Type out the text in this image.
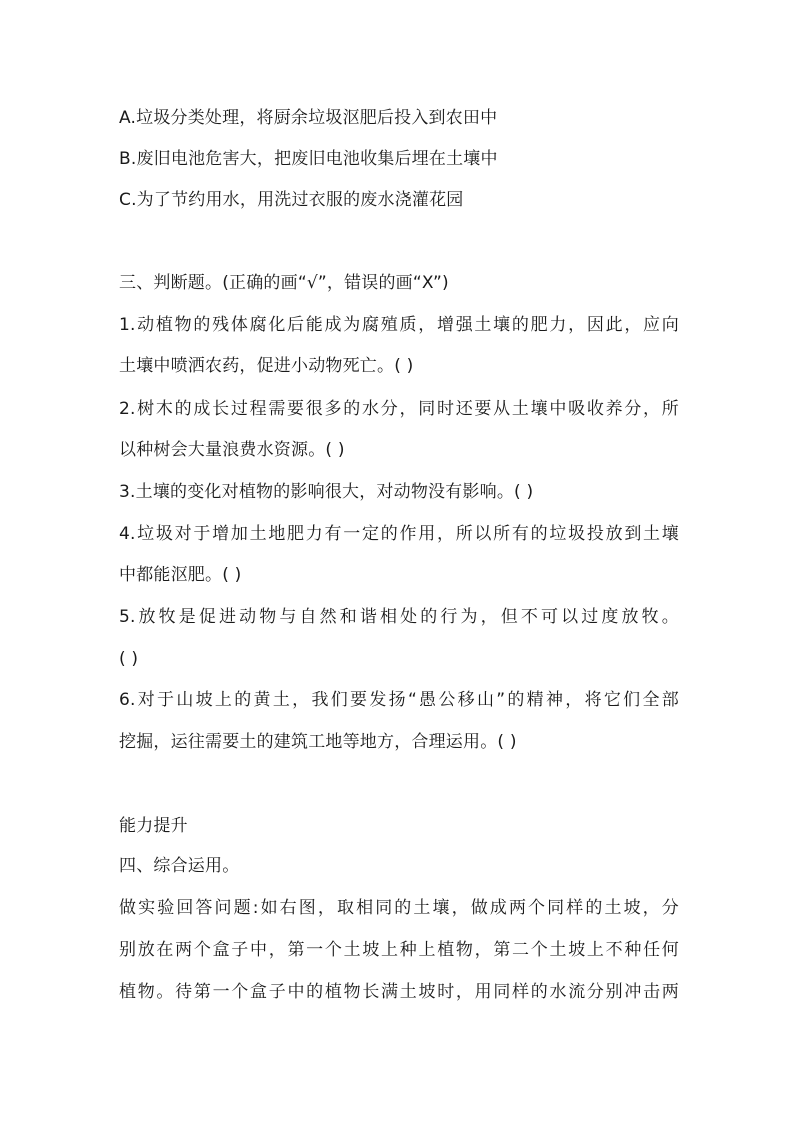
A.垃圾分类处理，将厨余垃圾沤肥后投入到农田中
B.废旧电池危害大，把废旧电池收集后埋在土壤中
C.为了节约用水，用洗过衣服的废水浇灌花园
三、判断题。(正确的画“√”，错误的画“X”)
1.动植物的残体腐化后能成为腐殖质，增强土壤的肥力，因此，应向
土壤中喷洒农药，促进小动物死亡。( )
2.树木的成长过程需要很多的水分，同时还要从土壤中吸收养分，所
以种树会大量浪费水资源。( )
3.土壤的变化对植物的影响很大，对动物没有影响。( )
4.垃圾对于增加土地肥力有一定的作用，所以所有的垃圾投放到土壤
中都能沤肥。( )
5.放牧是促进动物与自然和谐相处的行为，但不可以过度放牧。
( )
6.对于山坡上的黄土，我们要发扬“愚公移山”的精神，将它们全部
挖掘，运往需要土的建筑工地等地方，合理运用。( )
能力提升
四、综合运用。
做实验回答问题:如右图，取相同的土壤，做成两个同样的土坡，分
别放在两个盒子中，第一个土坡上种上植物，第二个土坡上不种任何
植物。待第一个盒子中的植物长满土坡时，用同样的水流分别冲击两
